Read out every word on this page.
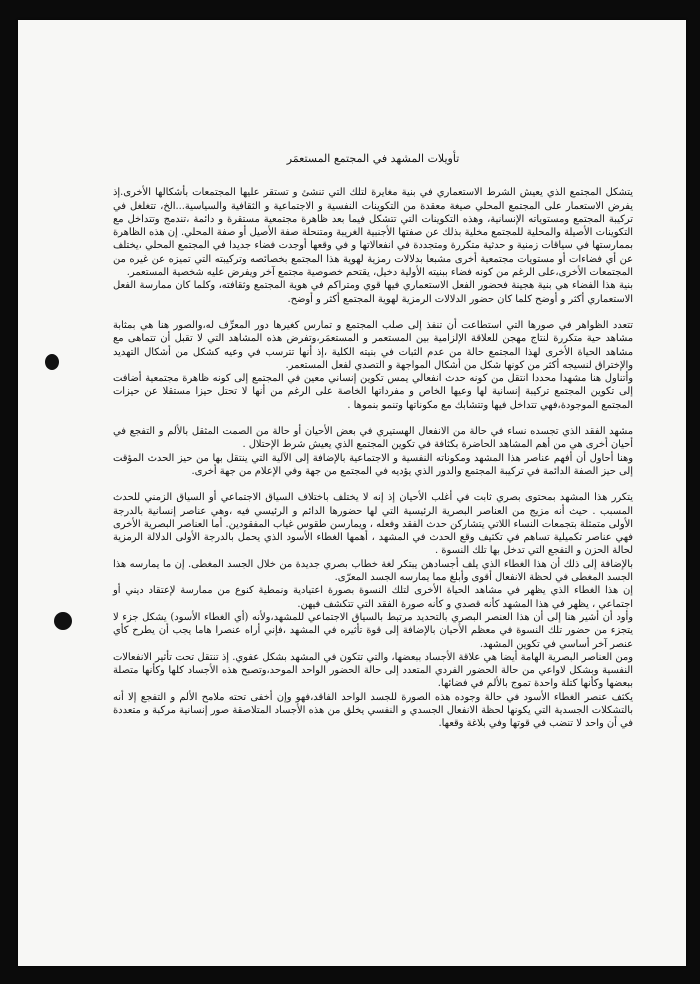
تأويلات المشهد في المجتمع المستعمَر
يتشكل المجتمع الذي يعيش الشرط الاستعماري في بنية مغايرة لتلك التي تنشئ و تستقر عليها المجتمعات بأشكالها الأخرى.إذ يفرض الاستعمار على المجتمع المحلي صيغة معقدة من التكوينات النفسية و الاجتماعية و الثقافية والسياسية...الخ، تتغلغل في تركيبة المجتمع ومستوياته الإنسانية، وهذه التكوينات التي تتشكل فيما بعد ظاهرة مجتمعية مستقرة و دائمة ،تندمج وتتداخل مع التكوينات الأصيلة والمحلية للمجتمع مخلية بذلك عن صفتها الأجنبية الغريبة ومتنحلة صفة الأصيل أو صفة المحلي. إن هذه الظاهرة بممارستها في سياقات زمنية و حدثية متكررة ومتجددة في انفعالاتها و في وقعها أوجدت فضاء جديدا في المجتمع المحلي ،يختلف عن أي فضاءات أو مستويات مجتمعية أخرى مشبعا بدلالات رمزية لهوية هذا المجتمع بخصائصه وتركيبته التي تميزه عن غيره من المجتمعات الأخرى،على الرغم من كونه فضاء ببنيته الأولية دخيل، يقتحم خصوصية مجتمع آخر ويفرض عليه شخصية المستعمر.
بنية هذا الفضاء هي بنية هجينة فحضور الفعل الاستعماري فيها قوي ومتراكم في هوية المجتمع وثقافته، وكلما كان ممارسة الفعل الاستعماري أكثر و أوضح كلما كان حضور الدلالات الرمزية لهوية المجتمع أكثر و أوضح.
تتعدد الظواهر في صورها التي استطاعت أن تنفذ إلى صلب المجتمع و تمارس كغيرها دور المعرِّف له،والصور هنا هي بمثابة مشاهد حية متكررة لنتاج مهجن للعلاقة الإلزامية بين المستعمر و المستعمَر،وتفرض هذه المشاهد التي لا تقبل أن تتماهى مع مشاهد الحياة الأخرى لهذا المجتمع حالة من عدم الثبات في بنيته الكلية ،إذ أنها تترسب في وعيه كشكل من أشكال التهديد والإختراق لنسيجه أكثر من كونها شكل من أشكال المواجهة و التصدي لفعل المستعمر.
وأتناول هنا مشهدا محددا انتقل من كونه حدث انفعالي يمس تكوين إنساني معين في المجتمع إلى كونه ظاهرة مجتمعية أضافت إلى تكوين المجتمع تركيبة إنسانية لها وعيها الخاص و مفرداتها الخاصة على الرغم من أنها لا تحتل حيزا مستقلا عن حيزات المجتمع الموجودة،فهي تتداخل فيها وتتشابك مع مكوناتها وتنمو بنموها .
مشهد الفقد الذي تجسده نساء في حالة من الانفعال الهستيري في بعض الأحيان أو حالة من الصمت المثقل بالألم و التفجع في أحيان أخرى هي من أهم المشاهد الحاضرة بكثافة في تكوين المجتمع الذي يعيش شرط الإحتلال .
وهنا أحاول أن أفهم عناصر هذا المشهد ومكوناته النفسية و الاجتماعية بالإضافة إلى الآلية التي ينتقل بها من حيز الحدث المؤقت إلى حيز الصفة الدائمة في تركيبة المجتمع والدور الذي يؤديه في المجتمع من جهة وفي الإعلام من جهة أخرى.
يتكرر هذا المشهد بمحتوى بصري ثابت في أغلب الأحيان إذ إنه لا يختلف باختلاف السياق الاجتماعي أو السياق الزمني للحدث المسبب . حيث أنه مزيج من العناصر البصرية الرئيسية التي لها حضورها الدائم و الرئيسي فيه ،وهي عناصر إنسانية بالدرجة الأولى متمثلة بتجمعات النساء اللاتي يتشاركن حدث الفقد وفعله ، ويمارسن طقوس غياب المفقودين. أما العناصر البصرية الأخرى فهي عناصر تكميلية تساهم في تكثيف وقع الحدث في المشهد ، أهمها الغطاء الأسود الذي يحمل بالدرجة الأولى الدلالة الرمزية لحالة الحزن و التفجع التي تدخل بها تلك النسوة .
بالإضافة إلى ذلك أن هذا الغطاء الذي يلف أجسادهن يبتكر لغة خطاب بصري جديدة من خلال الجسد المغطى. إن ما يمارسه هذا الجسد المغطى في لحظة الانفعال أقوى وأبلغ مما يمارسه الجسد المعرّى.
إن هذا الغطاء الذي يظهر في مشاهد الحياة الأخرى لتلك النسوة بصورة اعتيادية ونمطية كنوع من ممارسة لإعتقاد ديني أو اجتماعي ، يظهر في هذا المشهد كأنه قصدي و كأنه صورة الفقد التي تتكشف فيهن.
وأود أن أشير هنا إلى أن هذا العنصر البصري بالتحديد مرتبط بالسياق الاجتماعي للمشهد،ولأنه (أي الغطاء الأسود) يشكل جزء لا يتجزء من حضور تلك النسوة في معظم الأحيان بالإضافة إلى قوة تأثيره في المشهد ،فإني أراه عنصرا هاما يجب أن يطرح كأي عنصر آخر أساسي في تكوين المشهد.
ومن العناصر البصرية الهامة أيضا هي علاقة الأجساد ببعضها، والتي تتكون في المشهد بشكل عفوي. إذ تنتقل تحت تأثير الانفعالات النفسية وبشكل لاواعي من حالة الحضور الفردي المتعدد إلى حالة الحضور الواحد الموحد،وتصبح هذه الأجساد كلها وكأنها متصلة ببعضها وكأنها كتلة واحدة تموج بالألم في فضائها.
يكثف عنصر الغطاء الأسود في حالة وجوده هذه الصورة للجسد الواحد الفاقد،فهو وإن أخفى تحته ملامح الألم و التفجع إلا أنه بالتشكلات الجسدية التي يكونها لحظة الانفعال الجسدي و النفسي يخلق من هذه الأجساد المتلاصقة صور إنسانية مركبة و متعددة في أن واحد لا تنضب في قوتها وفي بلاغة وقعها.
